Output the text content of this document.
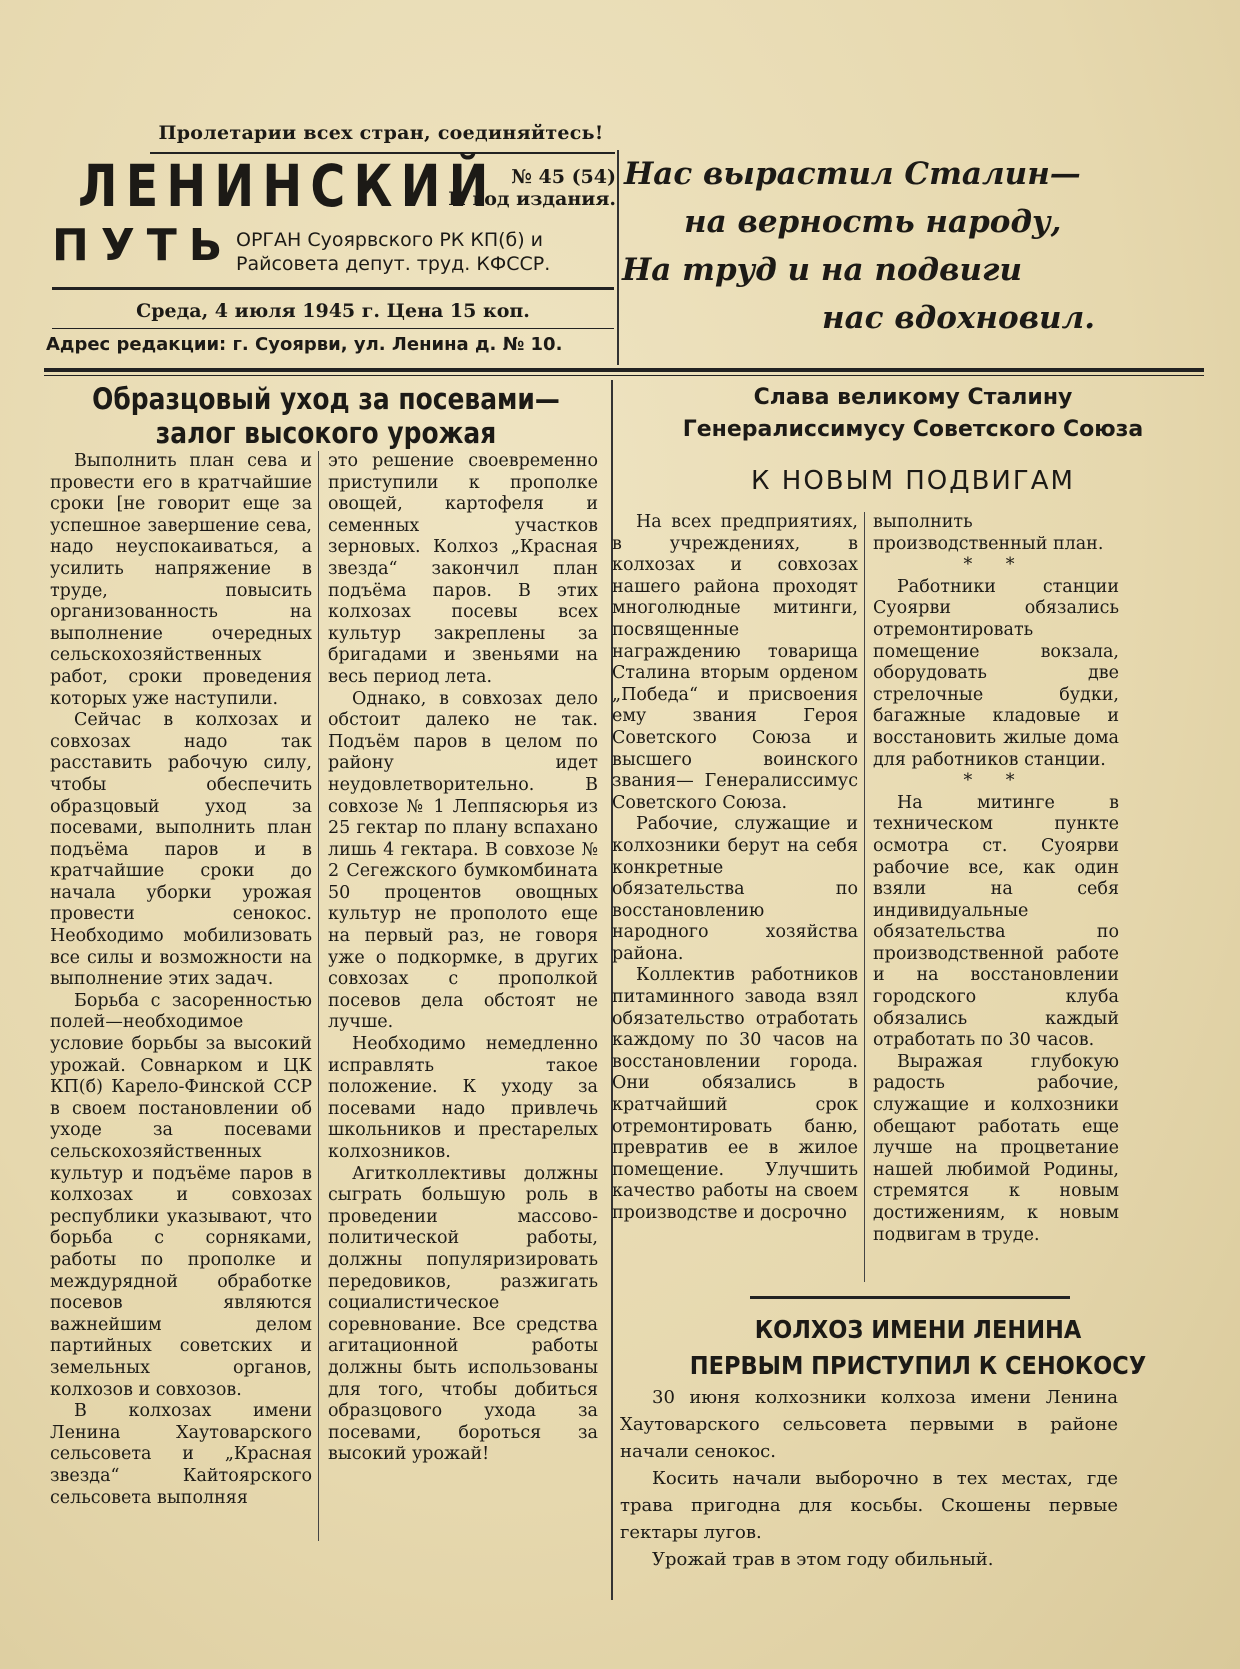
Пролетарии всех стран, соединяйтесь!
ЛЕНИНСКИЙ
ПУТЬ
№ 45 (54)
II год издания.
ОРГАН Суоярвского РК КП(б) и
Райсовета депут. труд. КФССР.
Среда, 4 июля 1945 г. Цена 15 коп.
Адрес редакции: г. Суоярви, ул. Ленина д. № 10.
Нас вырастил Сталин—
на верность народу,
На труд и на подвиги
нас вдохновил.
Образцовый уход за посевами—
залог высокого урожая

Выполнить план сева и провести его в кратчайшие сроки [не говорит еще за успешное завершение сева, надо неуспокаиваться, а усилить напряжение в труде, повысить организованность на выполнение очередных сельскохозяйственных работ, сроки проведения которых уже наступили.

Сейчас в колхозах и совхозах надо так расставить рабочую силу, чтобы обеспечить образцовый уход за посевами, выполнить план подъёма паров и в кратчайшие сроки до начала уборки урожая провести сенокос. Необходимо мобилизовать все силы и возможности на выполнение этих задач.

Борьба с засоренностью полей—необходимое условие борьбы за высокий урожай. Совнарком и ЦК КП(б) Карело-Финской ССР в своем постановлении об уходе за посевами сельскохозяйственных культур и подъёме паров в колхозах и совхозах республики указывают, что борьба с сорняками, работы по прополке и междурядной обработке посевов являются важнейшим делом партийных советских и земельных органов, колхозов и совхозов.

В колхозах имени Ленина Хаутоварского сельсовета и „Красная звезда“ Кайтоярского сельсовета выполняя

это решение своевременно приступили к прополке овощей, картофеля и семенных участков зерновых. Колхоз „Красная звезда“ закончил план подъёма паров. В этих колхозах посевы всех культур закреплены за бригадами и звеньями на весь период лета.

Однако, в совхозах дело обстоит далеко не так. Подъём паров в целом по району идет неудовлетворительно. В совхозе № 1 Леппясюрья из 25 гектар по плану вспахано лишь 4 гектара. В совхозе № 2 Сегежского бумкомбината 50 процентов овощных культур не прополото еще на первый раз, не говоря уже о подкормке, в других совхозах с прополкой посевов дела обстоят не лучше.

Необходимо немедленно исправлять такое положение. К уходу за посевами надо привлечь школьников и престарелых колхозников.

Агитколлективы должны сыграть большую роль в проведении массово-политической работы, должны популяризировать передовиков, разжигать социалистическое соревнование. Все средства агитационной работы должны быть использованы для того, чтобы добиться образцового ухода за посевами, бороться за высокий урожай!

Слава великому Сталину
Генералиссимусу Советского Союза
К НОВЫМ ПОДВИГАМ

На всех предприятиях, в учреждениях, в колхозах и совхозах нашего района проходят многолюдные митинги, посвященные награждению товарища Сталина вторым орденом „Победа“ и присвоения ему звания Героя Советского Союза и высшего воинского звания— Генералиссимус Советского Союза.

Рабочие, служащие и колхозники берут на себя конкретные обязательства по восстановлению народного хозяйства района.

Коллектив работников питаминного завода взял обязательство отработать каждому по 30 часов на восстановлении города. Они обязались в кратчайший срок отремонтировать баню, превратив ее в жилое помещение. Улучшить качество работы на своем производстве и досрочно

выполнить производственный план.

* *

Работники станции Суоярви обязались отремонтировать помещение вокзала, оборудовать две стрелочные будки, багажные кладовые и восстановить жилые дома для работников станции.

* *

На митинге в техническом пункте осмотра ст. Суоярви рабочие все, как один взяли на себя индивидуальные обязательства по производственной работе и на восстановлении городского клуба обязались каждый отработать по 30 часов.

Выражая глубокую радость рабочие, служащие и колхозники обещают работать еще лучше на процветание нашей любимой Родины, стремятся к новым достижениям, к новым подвигам в труде.

КОЛХОЗ ИМЕНИ ЛЕНИНА
ПЕРВЫМ ПРИСТУПИЛ К СЕНОКОСУ

30 июня колхозники колхоза имени Ленина Хаутоварского сельсовета первыми в районе начали сенокос.

Косить начали выборочно в тех местах, где трава пригодна для косьбы. Скошены первые гектары лугов.

Урожай трав в этом году обильный.
